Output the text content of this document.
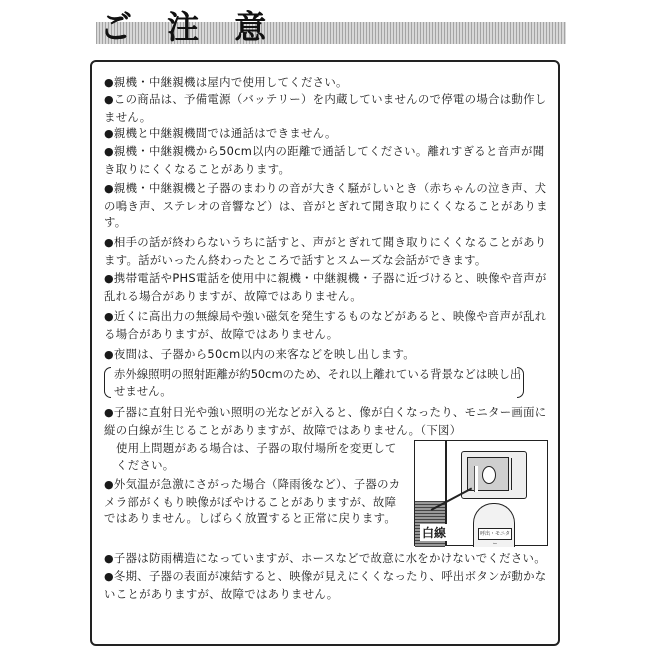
ご 注 意
●親機・中継親機は屋内で使用してください。
●この商品は、予備電源（バッテリー）を内蔵していませんので停電の場合は動作しません。
●親機と中継親機間では通話はできません。
●親機・中継親機から50cm以内の距離で通話してください。離れすぎると音声が聞き取りにくくなることがあります。
●親機・中継親機と子器のまわりの音が大きく騒がしいとき（赤ちゃんの泣き声、犬の鳴き声、ステレオの音響など）は、音がとぎれて聞き取りにくくなることがあります。
●相手の話が終わらないうちに話すと、声がとぎれて聞き取りにくくなることがあります。話がいったん終わったところで話すとスムーズな会話ができます。
●携帯電話やPHS電話を使用中に親機・中継親機・子器に近づけると、映像や音声が乱れる場合がありますが、故障ではありません。
●近くに高出力の無線局や強い磁気を発生するものなどがあると、映像や音声が乱れる場合がありますが、故障ではありません。
●夜間は、子器から50cm以内の来客などを映し出します。
赤外線照明の照射距離が約50cmのため、それ以上離れている背景などは映し出せません。
●子器に直射日光や強い照明の光などが入ると、像が白くなったり、モニター画面に縦の白線が生じることがありますが、故障ではありません。（下図）
使用上問題がある場合は、子器の取付場所を変更してください。
●外気温が急激にさがった場合（降雨後など）、子器のカメラ部がくもり映像がぼやけることがありますが、故障ではありません。しばらく放置すると正常に戻ります。
●子器は防雨構造になっていますが、ホースなどで故意に水をかけないでください。
●冬期、子器の表面が凍結すると、映像が見えにくくなったり、呼出ボタンが動かないことがありますが、故障ではありません。
呼出・モニター
白線
